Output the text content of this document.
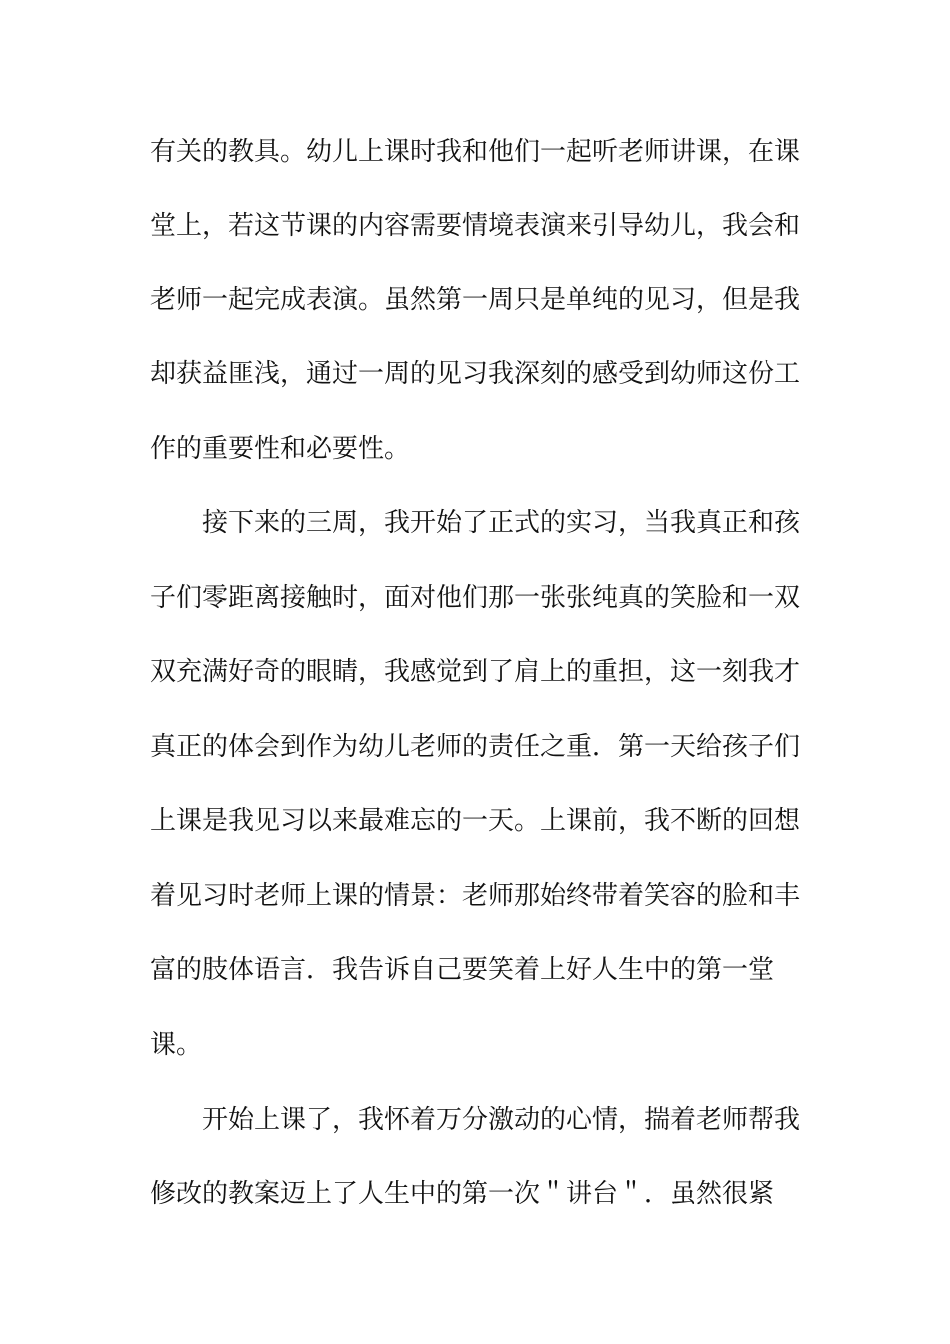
有关的教具。幼儿上课时我和他们一起听老师讲课，在课
堂上，若这节课的内容需要情境表演来引导幼儿，我会和
老师一起完成表演。虽然第一周只是单纯的见习，但是我
却获益匪浅，通过一周的见习我深刻的感受到幼师这份工
作的重要性和必要性。
接下来的三周，我开始了正式的实习，当我真正和孩
子们零距离接触时，面对他们那一张张纯真的笑脸和一双
双充满好奇的眼睛，我感觉到了肩上的重担，这一刻我才
真正的体会到作为幼儿老师的责任之重．第一天给孩子们
上课是我见习以来最难忘的一天。上课前，我不断的回想
着见习时老师上课的情景：老师那始终带着笑容的脸和丰
富的肢体语言．我告诉自己要笑着上好人生中的第一堂
课。
开始上课了，我怀着万分激动的心情，揣着老师帮我
修改的教案迈上了人生中的第一次＂讲台＂．虽然很紧
